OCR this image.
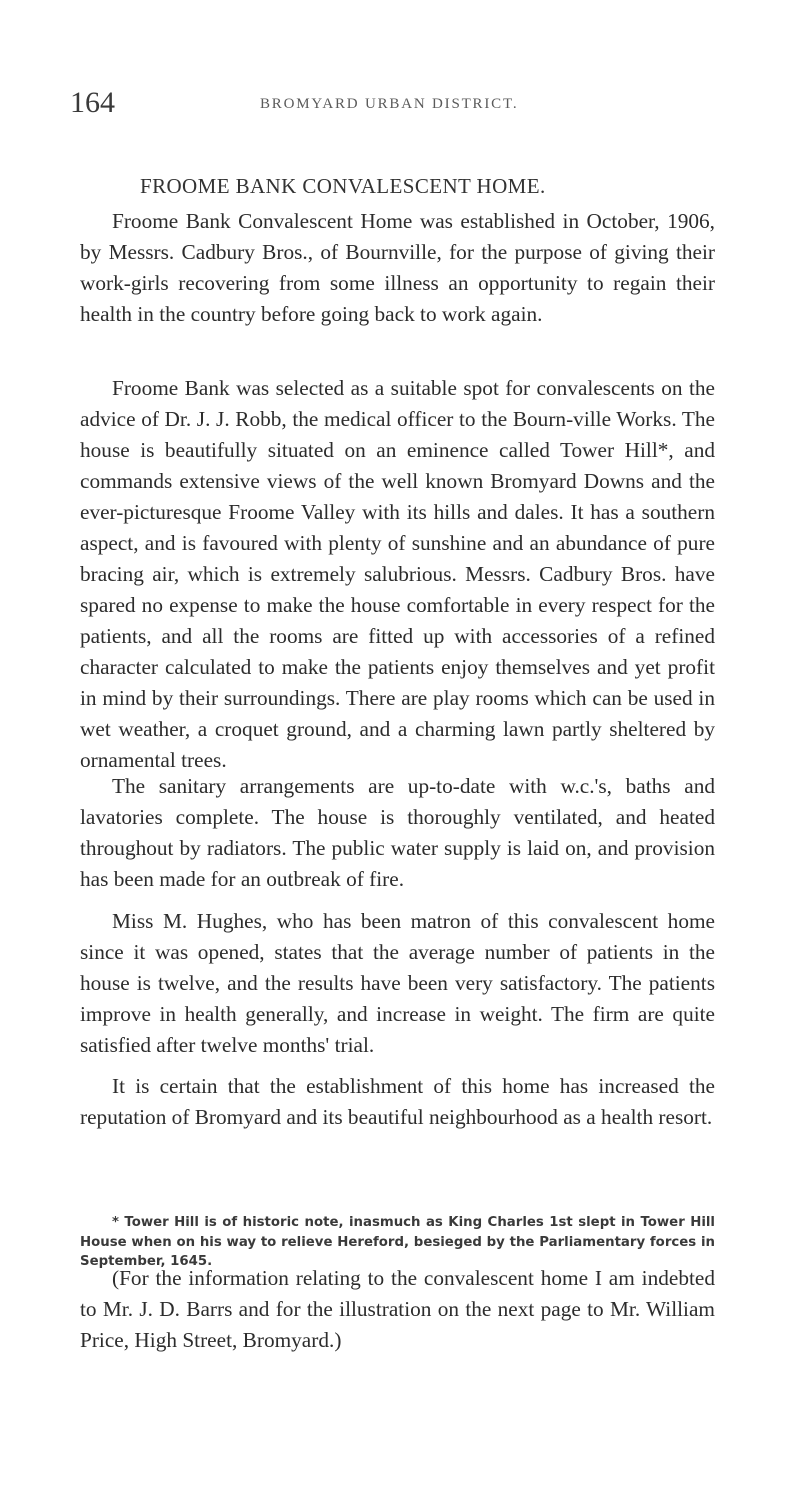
164	BROMYARD URBAN DISTRICT.
FROOME BANK CONVALESCENT HOME.

Froome Bank Convalescent Home was established in October, 1906, by Messrs. Cadbury Bros., of Bournville, for the purpose of giving their work-girls recovering from some illness an opportunity to regain their health in the country before going back to work again.

Froome Bank was selected as a suitable spot for convalescents on the advice of Dr. J. J. Robb, the medical officer to the Bourn-ville Works. The house is beautifully situated on an eminence called Tower Hill*, and commands extensive views of the well known Bromyard Downs and the ever-picturesque Froome Valley with its hills and dales. It has a southern aspect, and is favoured with plenty of sunshine and an abundance of pure bracing air, which is extremely salubrious. Messrs. Cadbury Bros. have spared no expense to make the house comfortable in every respect for the patients, and all the rooms are fitted up with accessories of a refined character calculated to make the patients enjoy themselves and yet profit in mind by their surroundings. There are play rooms which can be used in wet weather, a croquet ground, and a charming lawn partly sheltered by ornamental trees.

The sanitary arrangements are up-to-date with w.c.'s, baths and lavatories complete. The house is thoroughly ventilated, and heated throughout by radiators. The public water supply is laid on, and provision has been made for an outbreak of fire.

Miss M. Hughes, who has been matron of this convalescent home since it was opened, states that the average number of patients in the house is twelve, and the results have been very satisfactory. The patients improve in health generally, and increase in weight. The firm are quite satisfied after twelve months' trial.

It is certain that the establishment of this home has increased the reputation of Bromyard and its beautiful neighbourhood as a health resort.

* Tower Hill is of historic note, inasmuch as King Charles 1st slept in Tower Hill House when on his way to relieve Hereford, besieged by the Parliamentary forces in September, 1645.

(For the information relating to the convalescent home I am indebted to Mr. J. D. Barrs and for the illustration on the next page to Mr. William Price, High Street, Bromyard.)
